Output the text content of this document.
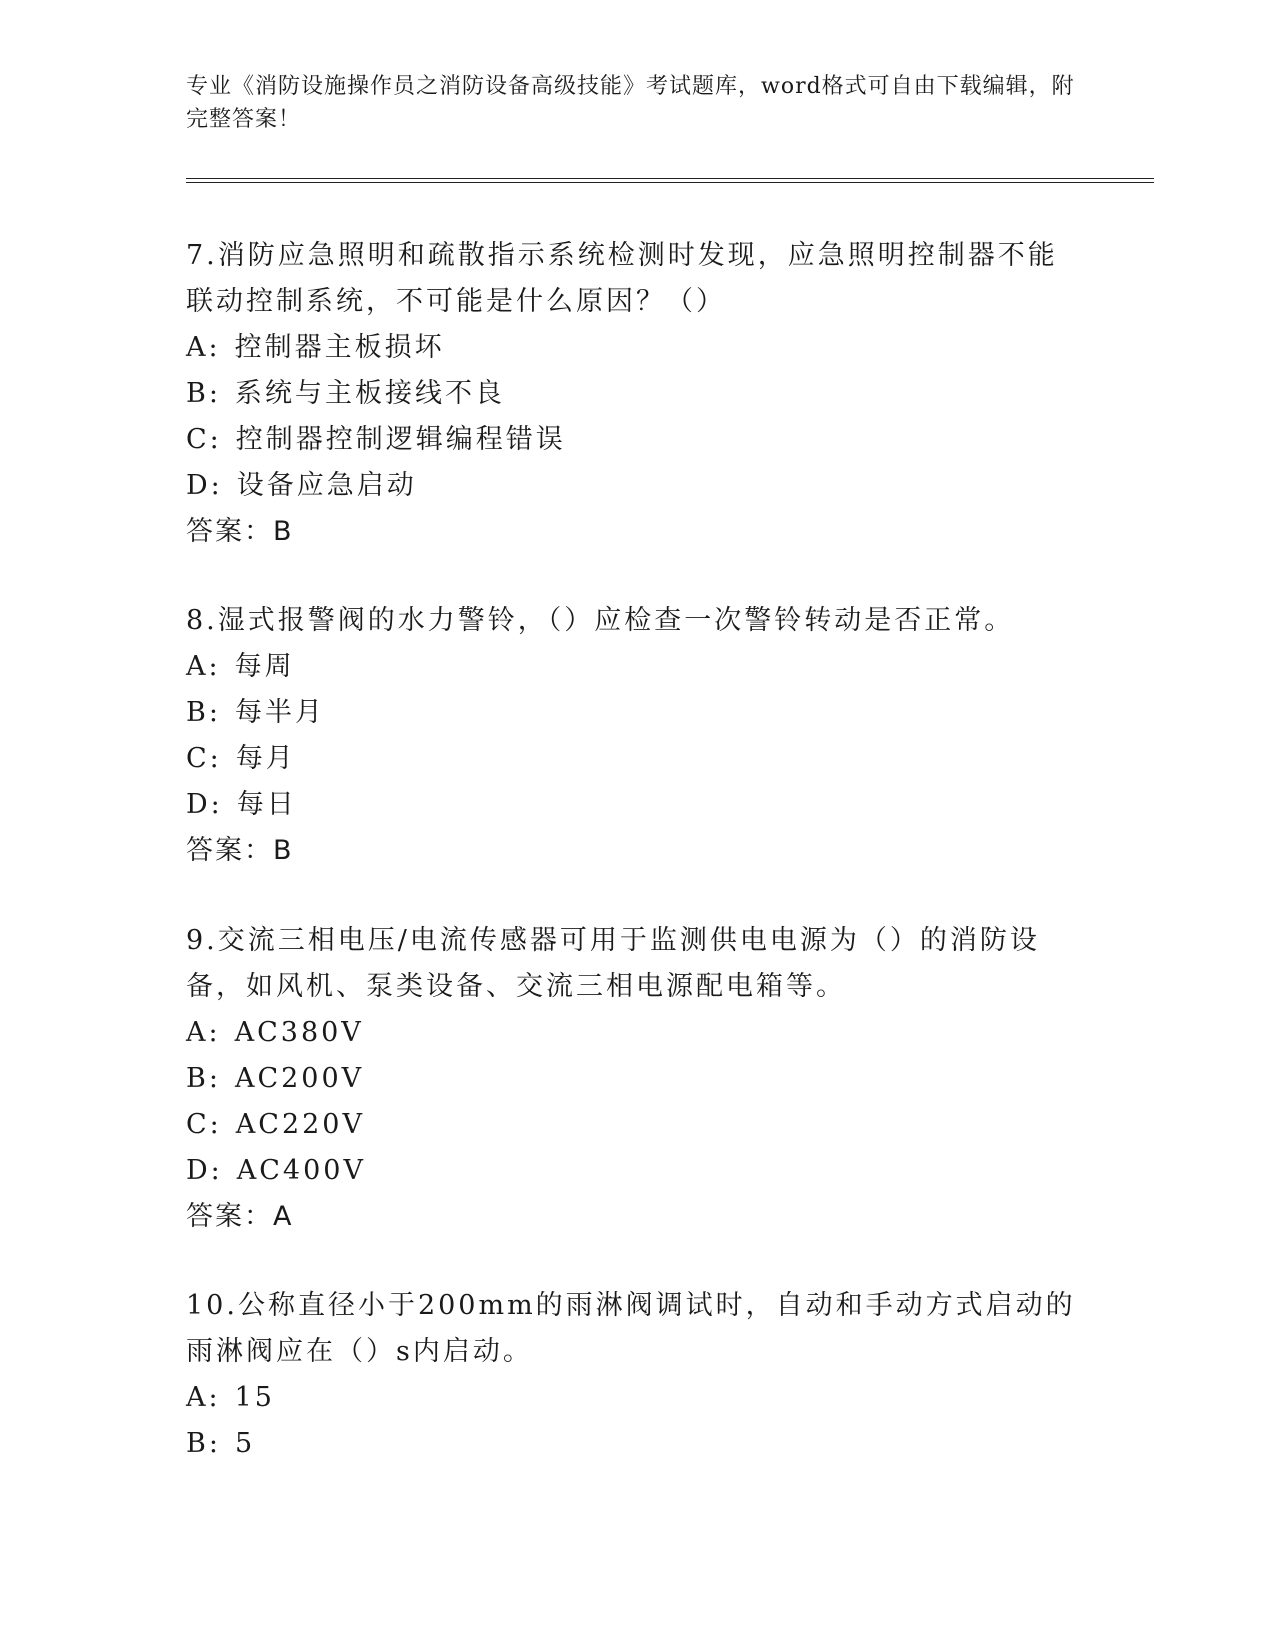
专业《消防设施操作员之消防设备高级技能》考试题库，word格式可自由下载编辑，附完整答案！

7.消防应急照明和疏散指示系统检测时发现，应急照明控制器不能联动控制系统，不可能是什么原因？（）

A: 控制器主板损坏

B: 系统与主板接线不良

C: 控制器控制逻辑编程错误

D: 设备应急启动

答案：B

8.湿式报警阀的水力警铃，（）应检查一次警铃转动是否正常。

A: 每周

B: 每半月

C: 每月

D: 每日

答案：B

9.交流三相电压/电流传感器可用于监测供电电源为（）的消防设备，如风机、泵类设备、交流三相电源配电箱等。

A: AC380V

B: AC200V

C: AC220V

D: AC400V

答案：A

10.公称直径小于200mm的雨淋阀调试时，自动和手动方式启动的雨淋阀应在（）s内启动。

A: 15

B: 5
